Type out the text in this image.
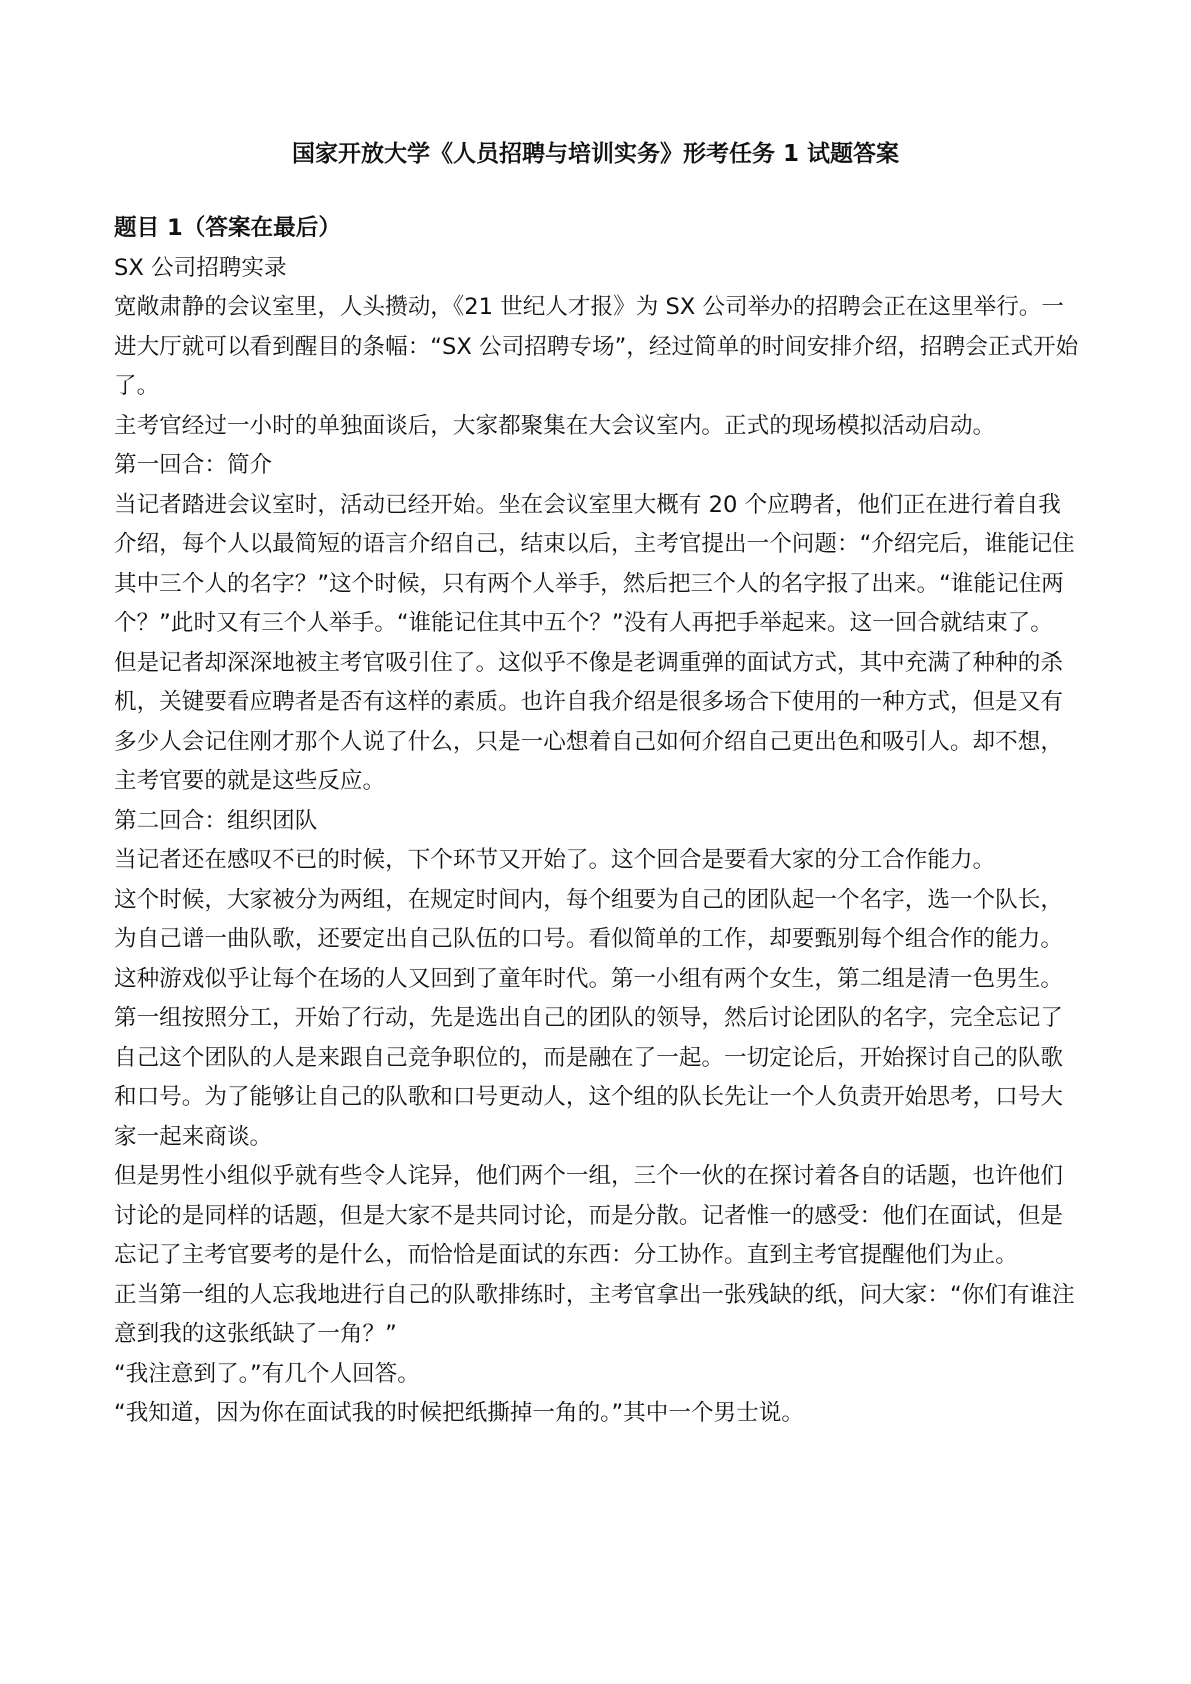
国家开放大学《人员招聘与培训实务》形考任务 1 试题答案

题目 1（答案在最后）

SX 公司招聘实录

宽敞肃静的会议室里，人头攒动，《21 世纪人才报》为 SX 公司举办的招聘会正在这里举行。一进大厅就可以看到醒目的条幅：“SX 公司招聘专场”，经过简单的时间安排介绍，招聘会正式开始了。

主考官经过一小时的单独面谈后，大家都聚集在大会议室内。正式的现场模拟活动启动。

第一回合：简介

当记者踏进会议室时，活动已经开始。坐在会议室里大概有 20 个应聘者，他们正在进行着自我介绍，每个人以最简短的语言介绍自己，结束以后，主考官提出一个问题：“介绍完后，谁能记住其中三个人的名字？”这个时候，只有两个人举手，然后把三个人的名字报了出来。“谁能记住两个？”此时又有三个人举手。“谁能记住其中五个？”没有人再把手举起来。这一回合就结束了。

但是记者却深深地被主考官吸引住了。这似乎不像是老调重弹的面试方式，其中充满了种种的杀机，关键要看应聘者是否有这样的素质。也许自我介绍是很多场合下使用的一种方式，但是又有多少人会记住刚才那个人说了什么，只是一心想着自己如何介绍自己更出色和吸引人。却不想，主考官要的就是这些反应。

第二回合：组织团队

当记者还在感叹不已的时候，下个环节又开始了。这个回合是要看大家的分工合作能力。

这个时候，大家被分为两组，在规定时间内，每个组要为自己的团队起一个名字，选一个队长，为自己谱一曲队歌，还要定出自己队伍的口号。看似简单的工作，却要甄别每个组合作的能力。这种游戏似乎让每个在场的人又回到了童年时代。第一小组有两个女生，第二组是清一色男生。

第一组按照分工，开始了行动，先是选出自己的团队的领导，然后讨论团队的名字，完全忘记了自己这个团队的人是来跟自己竞争职位的，而是融在了一起。一切定论后，开始探讨自己的队歌和口号。为了能够让自己的队歌和口号更动人，这个组的队长先让一个人负责开始思考，口号大家一起来商谈。

但是男性小组似乎就有些令人诧异，他们两个一组，三个一伙的在探讨着各自的话题，也许他们讨论的是同样的话题，但是大家不是共同讨论，而是分散。记者惟一的感受：他们在面试，但是忘记了主考官要考的是什么，而恰恰是面试的东西：分工协作。直到主考官提醒他们为止。

正当第一组的人忘我地进行自己的队歌排练时，主考官拿出一张残缺的纸，问大家：“你们有谁注意到我的这张纸缺了一角？”

“我注意到了。”有几个人回答。

“我知道，因为你在面试我的时候把纸撕掉一角的。”其中一个男士说。
